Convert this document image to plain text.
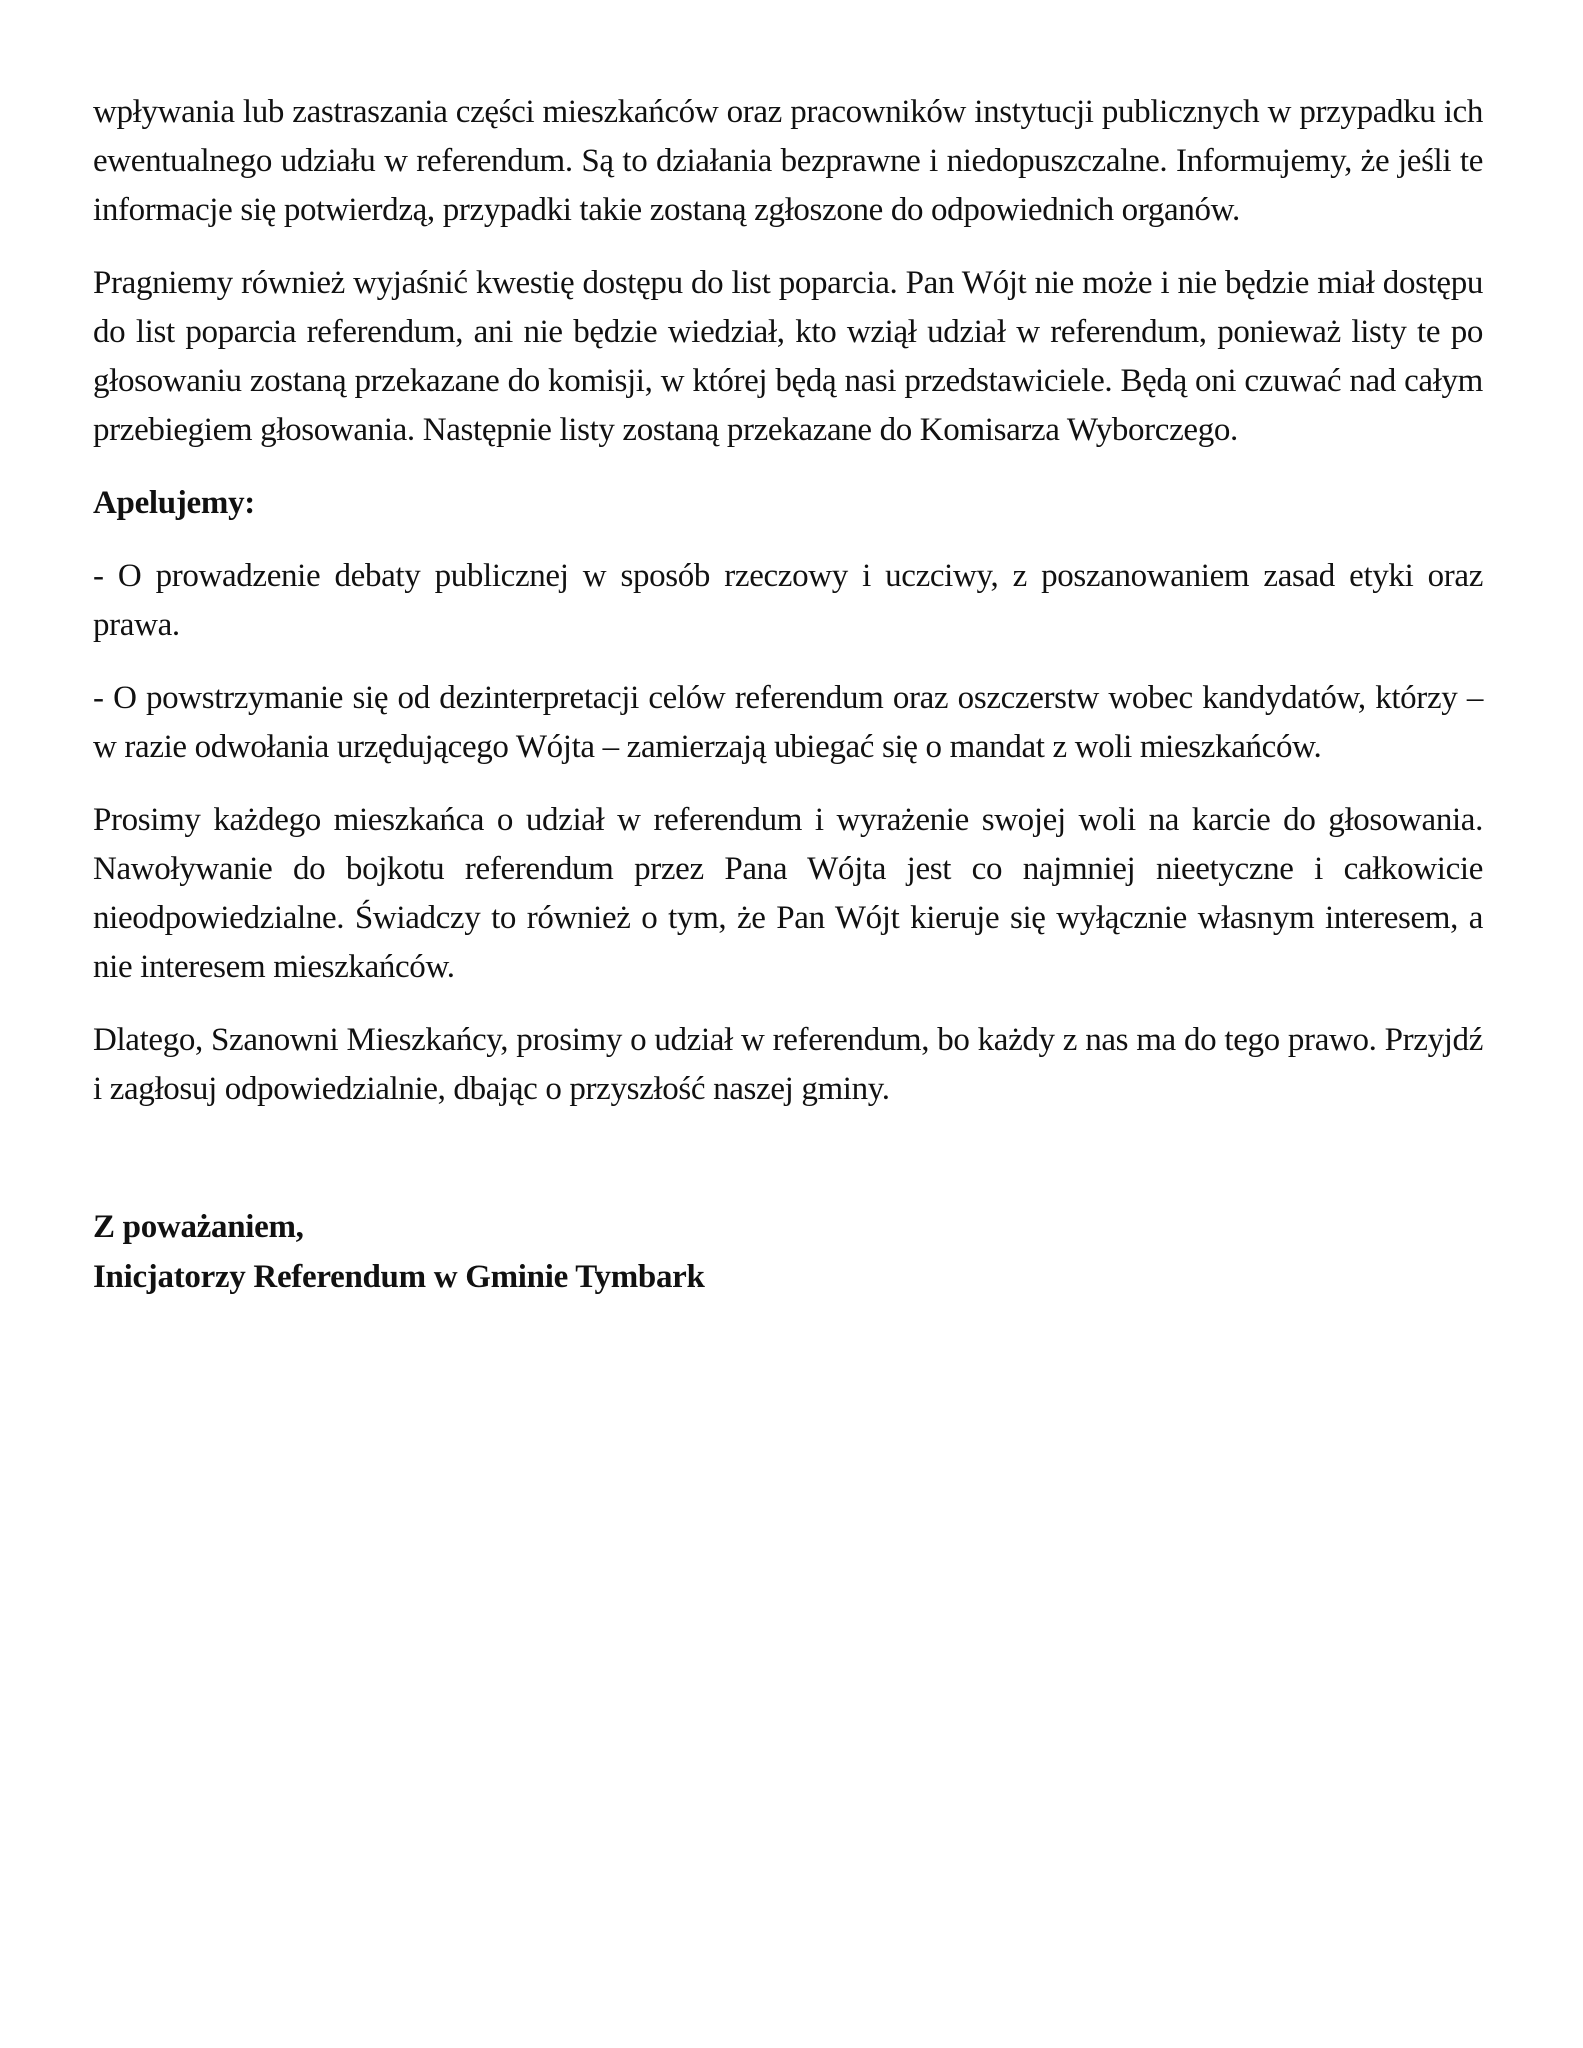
wpływania lub zastraszania części mieszkańców oraz pracowników instytucji publicznych w przypadku ich ewentualnego udziału w referendum. Są to działania bezprawne i niedopuszczalne. Informujemy, że jeśli te informacje się potwierdzą, przypadki takie zostaną zgłoszone do odpowiednich organów.

Pragniemy również wyjaśnić kwestię dostępu do list poparcia. Pan Wójt nie może i nie będzie miał dostępu do list poparcia referendum, ani nie będzie wiedział, kto wziął udział w referendum, ponieważ listy te po głosowaniu zostaną przekazane do komisji, w której będą nasi przedstawiciele. Będą oni czuwać nad całym przebiegiem głosowania. Następnie listy zostaną przekazane do Komisarza Wyborczego.

Apelujemy:

- O prowadzenie debaty publicznej w sposób rzeczowy i uczciwy, z poszanowaniem zasad etyki oraz prawa.

- O powstrzymanie się od dezinterpretacji celów referendum oraz oszczerstw wobec kandydatów, którzy – w razie odwołania urzędującego Wójta – zamierzają ubiegać się o mandat z woli mieszkańców.

Prosimy każdego mieszkańca o udział w referendum i wyrażenie swojej woli na karcie do głosowania. Nawoływanie do bojkotu referendum przez Pana Wójta jest co najmniej nieetyczne i całkowicie nieodpowiedzialne. Świadczy to również o tym, że Pan Wójt kieruje się wyłącznie własnym interesem, a nie interesem mieszkańców.

Dlatego, Szanowni Mieszkańcy, prosimy o udział w referendum, bo każdy z nas ma do tego prawo. Przyjdź i zagłosuj odpowiedzialnie, dbając o przyszłość naszej gminy.

Z poważaniem,
Inicjatorzy Referendum w Gminie Tymbark
